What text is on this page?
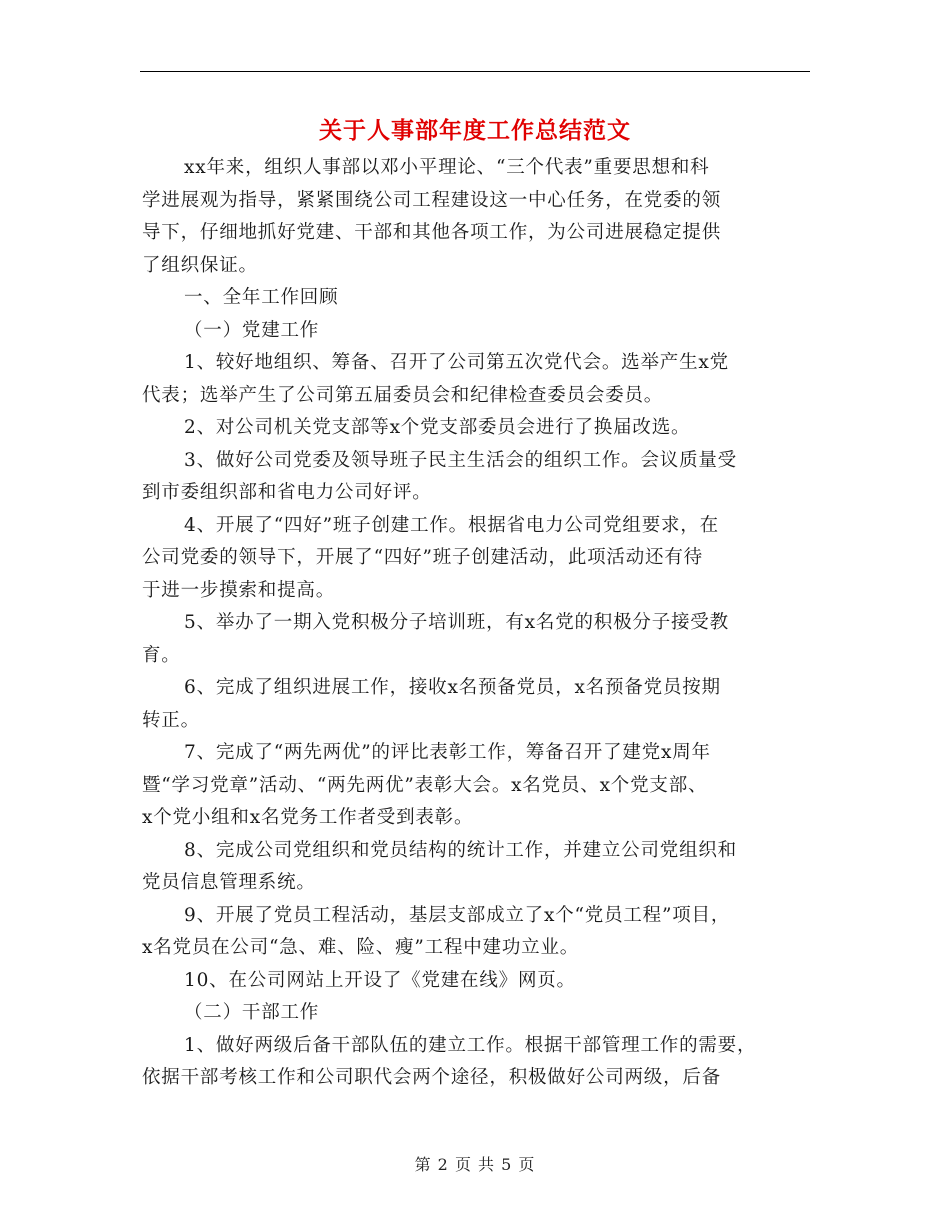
关于人事部年度工作总结范文
xx年来，组织人事部以邓小平理论、“三个代表”重要思想和科
学进展观为指导，紧紧围绕公司工程建设这一中心任务，在党委的领
导下，仔细地抓好党建、干部和其他各项工作，为公司进展稳定提供
了组织保证。
一、全年工作回顾
（一）党建工作
1、较好地组织、筹备、召开了公司第五次党代会。选举产生x党
代表；选举产生了公司第五届委员会和纪律检查委员会委员。
2、对公司机关党支部等x个党支部委员会进行了换届改选。
3、做好公司党委及领导班子民主生活会的组织工作。会议质量受
到市委组织部和省电力公司好评。
4、开展了“四好”班子创建工作。根据省电力公司党组要求，在
公司党委的领导下，开展了“四好”班子创建活动，此项活动还有待
于进一步摸索和提高。
5、举办了一期入党积极分子培训班，有x名党的积极分子接受教
育。
6、完成了组织进展工作，接收x名预备党员，x名预备党员按期
转正。
7、完成了“两先两优”的评比表彰工作，筹备召开了建党x周年
暨“学习党章”活动、“两先两优”表彰大会。x名党员、x个党支部、
x个党小组和x名党务工作者受到表彰。
8、完成公司党组织和党员结构的统计工作，并建立公司党组织和
党员信息管理系统。
9、开展了党员工程活动，基层支部成立了x个“党员工程”项目，
x名党员在公司“急、难、险、瘦”工程中建功立业。
10、在公司网站上开设了《党建在线》网页。
（二）干部工作
1、做好两级后备干部队伍的建立工作。根据干部管理工作的需要，
依据干部考核工作和公司职代会两个途径，积极做好公司两级，后备
第 2 页 共 5 页
